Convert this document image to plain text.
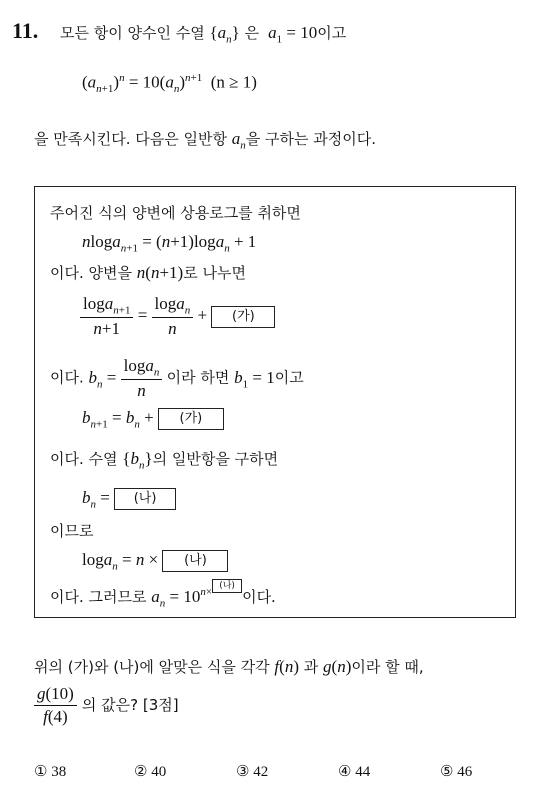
11. 모든 항이 양수인 수열 $\{a_n\}$ 은 $a_1 = 10$이고
$(a_{n+1})^n = 10(a_n)^{n+1}$ (n ≥ 1)
을 만족시킨다. 다음은 일반항 $a_n$을 구하는 과정이다.
주어진 식의 양변에 상용로그를 취하면
nloga$_{n+1}$ = (n+1)loga$_n$ + 1
이다. 양변을 n(n+1)로 나누면
$\frac{\log a_{n+1}}{n+1} = \frac{\log a_n}{n}$ + (가)
이다. $b_n = \frac{\log a_n}{n}$ 이라 하면 $b_1 = 1$이고
$b_{n+1} = b_n$ + (가)
이다. 수열 $\{b_n\}$의 일반항을 구하면
$b_n$ = (나)
이므로
loga$_n$ = n × (나)
이다. 그러므로 $a_n = 10^{n\times (나)}$이다.
위의 (가)와 (나)에 알맞은 식을 각각 f(n) 과 g(n)이라 할 때,
$\frac{g(10)}{f(4)}$ 의 값은? [3점]
① 38	② 40	③ 42	④ 44	⑤ 46
